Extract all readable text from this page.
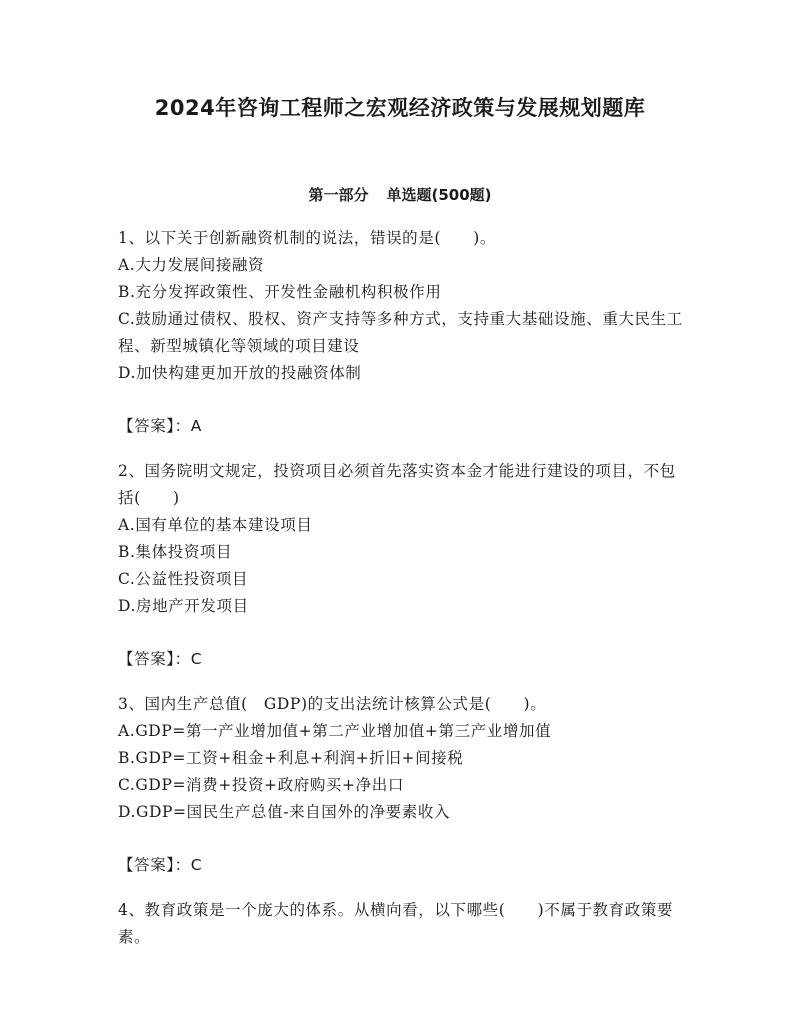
2024年咨询工程师之宏观经济政策与发展规划题库
第一部分 单选题(500题)

1、以下关于创新融资机制的说法，错误的是(　　)。

A.大力发展间接融资

B.充分发挥政策性、开发性金融机构积极作用

C.鼓励通过债权、股权、资产支持等多种方式，支持重大基础设施、重大民生工程、新型城镇化等领域的项目建设

D.加快构建更加开放的投融资体制

【答案】：A

2、国务院明文规定，投资项目必须首先落实资本金才能进行建设的项目，不包括(　　)

A.国有单位的基本建设项目

B.集体投资项目

C.公益性投资项目

D.房地产开发项目

【答案】：C

3、国内生产总值(　GDP)的支出法统计核算公式是(　　)。

A.GDP=第一产业增加值+第二产业增加值+第三产业增加值

B.GDP=工资+租金+利息+利润+折旧+间接税

C.GDP=消费+投资+政府购买+净出口

D.GDP=国民生产总值-来自国外的净要素收入

【答案】：C

4、教育政策是一个庞大的体系。从横向看，以下哪些(　　)不属于教育政策要素。
